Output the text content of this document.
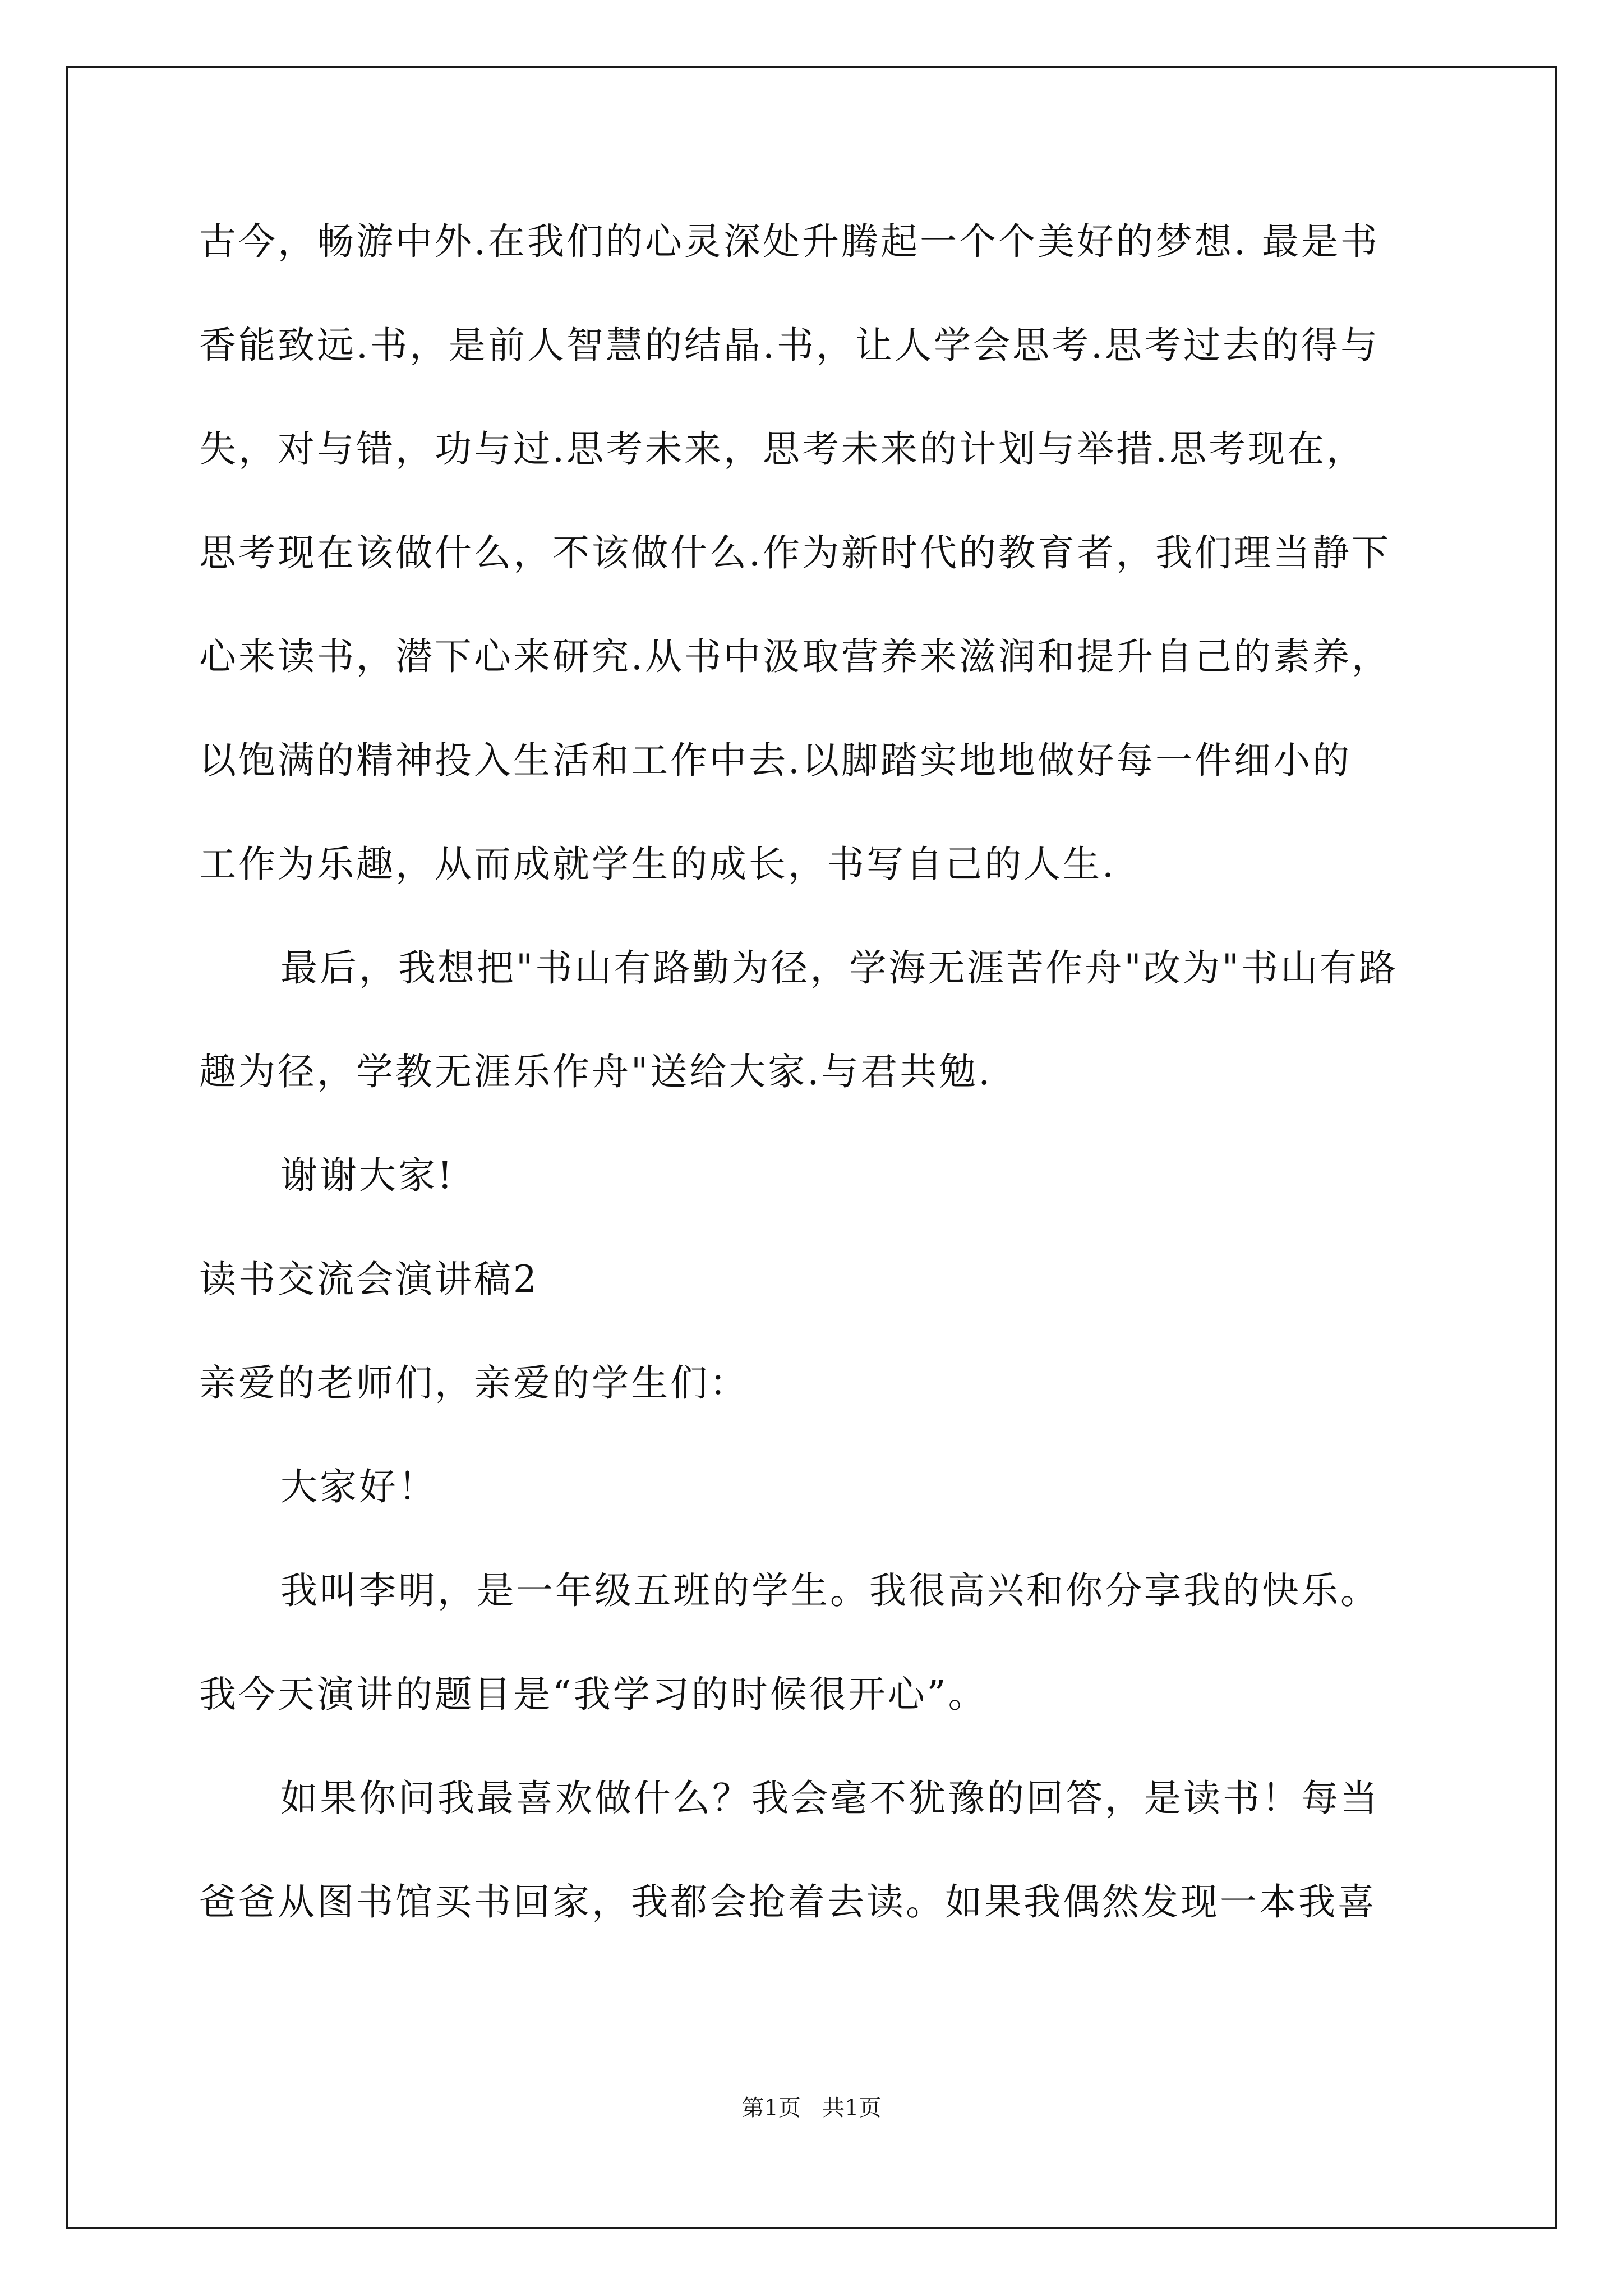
古今，畅游中外.在我们的心灵深处升腾起一个个美好的梦想. 最是书
香能致远.书，是前人智慧的结晶.书，让人学会思考.思考过去的得与
失，对与错，功与过.思考未来，思考未来的计划与举措.思考现在，
思考现在该做什么，不该做什么.作为新时代的教育者，我们理当静下
心来读书，潜下心来研究.从书中汲取营养来滋润和提升自己的素养，
以饱满的精神投入生活和工作中去.以脚踏实地地做好每一件细小的
工作为乐趣，从而成就学生的成长，书写自己的人生.
最后，我想把"书山有路勤为径，学海无涯苦作舟"改为"书山有路
趣为径，学教无涯乐作舟"送给大家.与君共勉.
谢谢大家!
读书交流会演讲稿2
亲爱的老师们，亲爱的学生们：
大家好！
我叫李明，是一年级五班的学生。我很高兴和你分享我的快乐。
我今天演讲的题目是“我学习的时候很开心”。
如果你问我最喜欢做什么？我会毫不犹豫的回答，是读书！每当
爸爸从图书馆买书回家，我都会抢着去读。如果我偶然发现一本我喜
第1页   共1页
